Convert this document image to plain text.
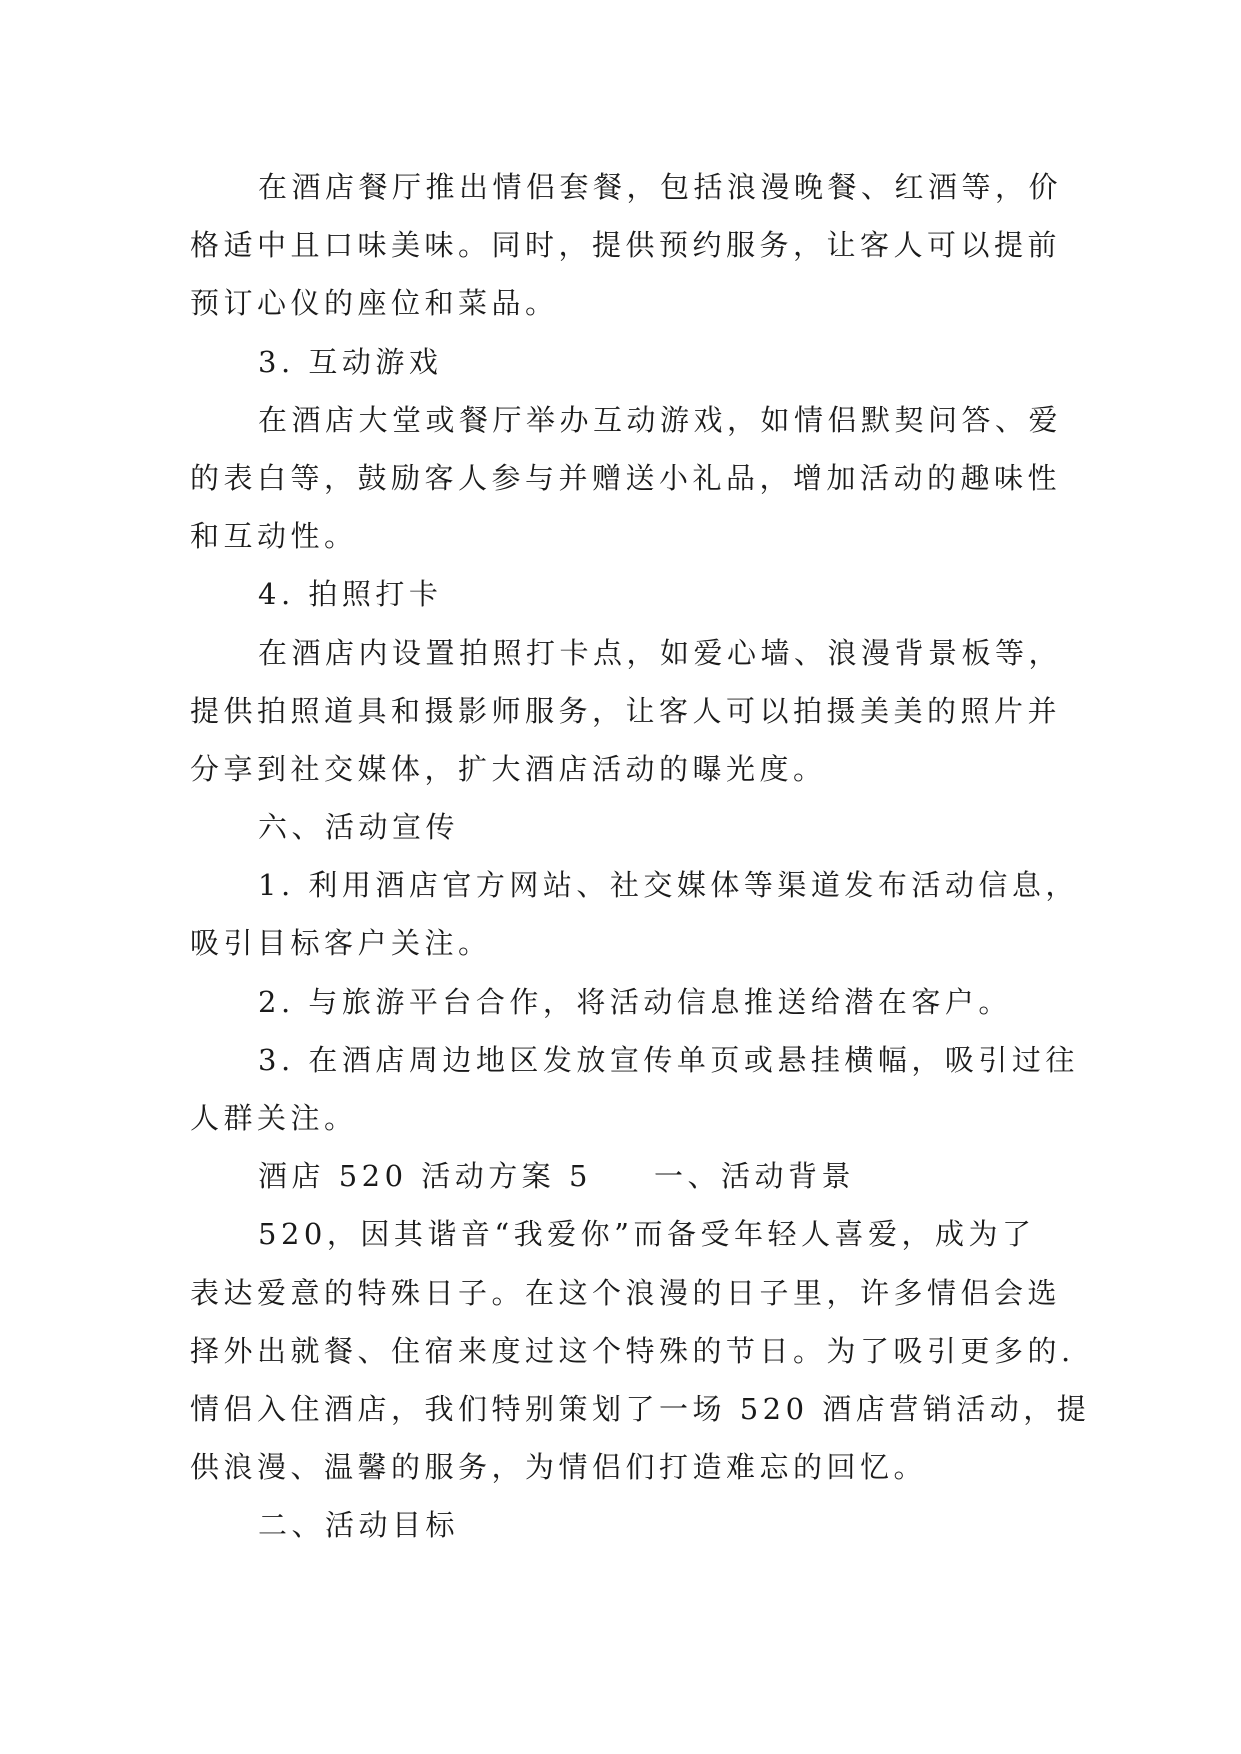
在酒店餐厅推出情侣套餐，包括浪漫晚餐、红酒等，价
格适中且口味美味。同时，提供预约服务，让客人可以提前
预订心仪的座位和菜品。
3. 互动游戏
在酒店大堂或餐厅举办互动游戏，如情侣默契问答、爱
的表白等，鼓励客人参与并赠送小礼品，增加活动的趣味性
和互动性。
4. 拍照打卡
在酒店内设置拍照打卡点，如爱心墙、浪漫背景板等，
提供拍照道具和摄影师服务，让客人可以拍摄美美的照片并
分享到社交媒体，扩大酒店活动的曝光度。
六、活动宣传
1. 利用酒店官方网站、社交媒体等渠道发布活动信息，
吸引目标客户关注。
2. 与旅游平台合作，将活动信息推送给潜在客户。
3. 在酒店周边地区发放宣传单页或悬挂横幅，吸引过往
人群关注。
酒店 520 活动方案 5 一、活动背景
520，因其谐音“我爱你”而备受年轻人喜爱，成为了
表达爱意的特殊日子。在这个浪漫的日子里，许多情侣会选
择外出就餐、住宿来度过这个特殊的节日。为了吸引更多的.
情侣入住酒店，我们特别策划了一场 520 酒店营销活动，提
供浪漫、温馨的服务，为情侣们打造难忘的回忆。
二、活动目标
